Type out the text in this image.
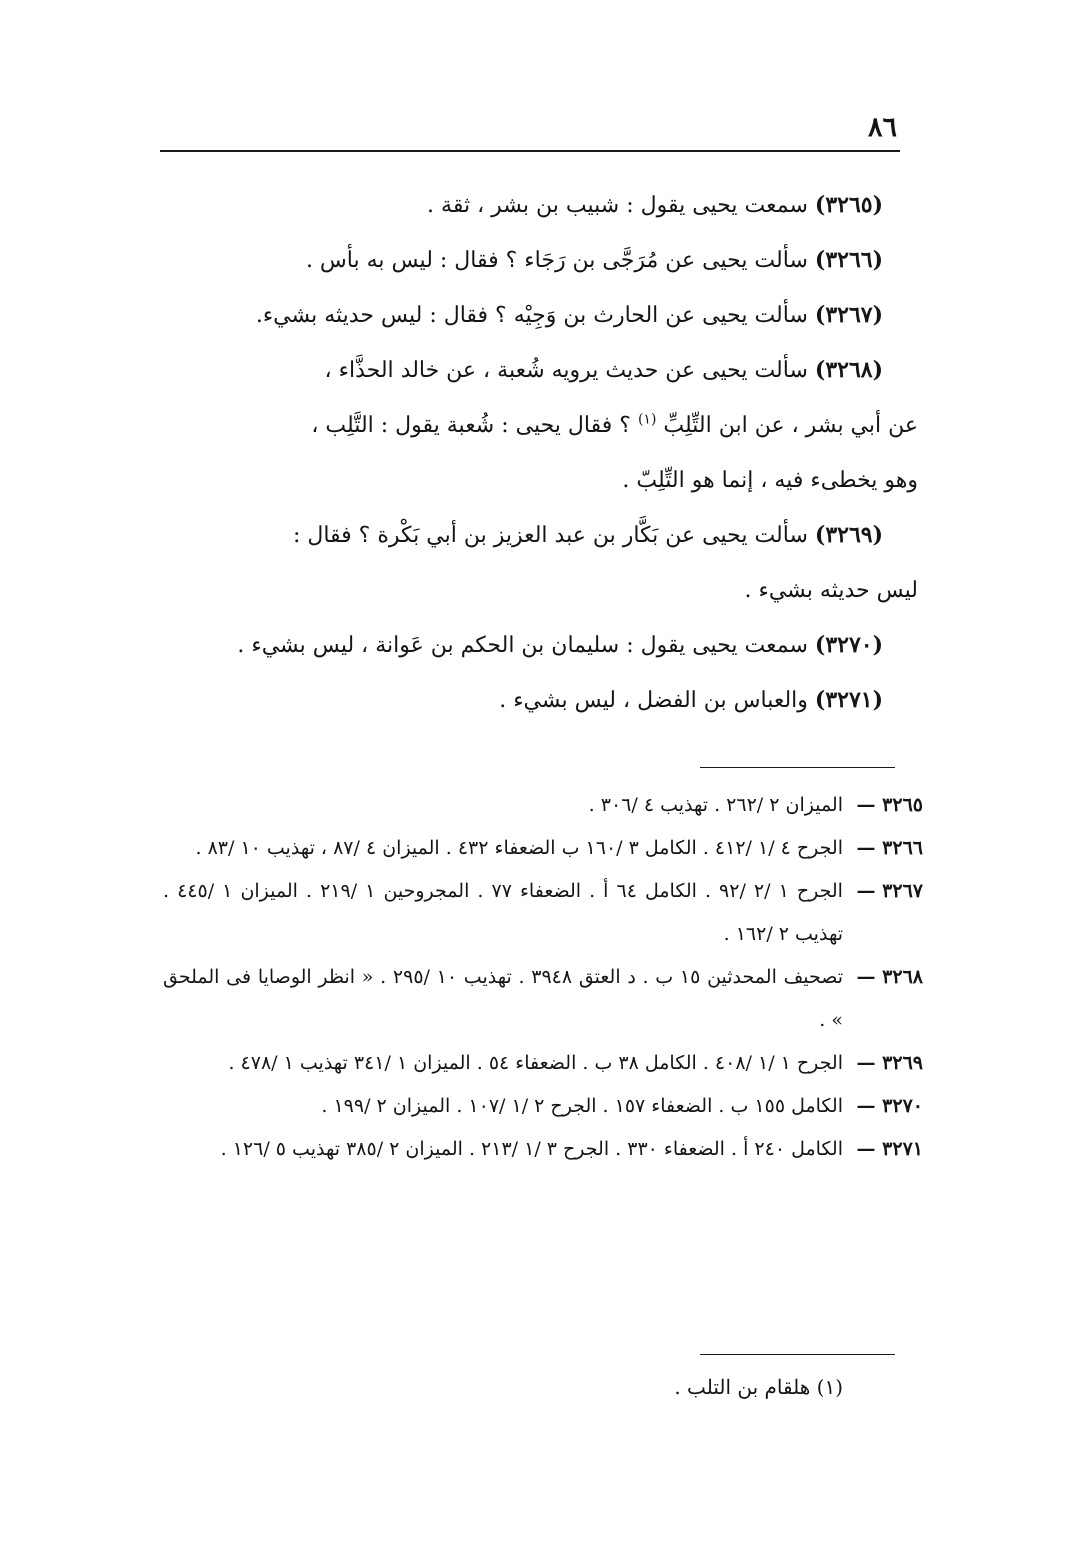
٨٦

(٣٢٦٥) سمعت يحيى يقول : شبيب بن بشر ، ثقة .

(٣٢٦٦) سألت يحيى عن مُرَجَّى بن رَجَاء ؟ فقال : ليس به بأس .

(٣٢٦٧) سألت يحيى عن الحارث بن وَجِيْه ؟ فقال : ليس حديثه بشيء.

(٣٢٦٨) سألت يحيى عن حديث يرويه شُعبة ، عن خالد الحذَّاء ،
عن أبي بشر ، عن ابن التِّلِبِّ $^{(١)}$ ؟ فقال يحيى : شُعبة يقول : التَّلِب ،
وهو يخطىء فيه ، إنما هو التِّلِبّ .

(٣٢٦٩) سألت يحيى عن بَكَّار بن عبد العزيز بن أبي بَكْرة ؟ فقال :
ليس حديثه بشيء .

(٣٢٧٠) سمعت يحيى يقول : سليمان بن الحكم بن عَوانة ، ليس بشيء .

(٣٢٧١) والعباس بن الفضل ، ليس بشيء .

٣٢٦٥ —
الميزان ٢ /٢٦٢ . تهذيب ٤ /٣٠٦ .

٣٢٦٦ —
الجرح ٤ /١ /٤١٢ . الكامل ٣ /١٦٠ ب الضعفاء ٤٣٢ . الميزان ٤ /٨٧ ، تهذيب ١٠ /٨٣ .

٣٢٦٧ —
الجرح ١ /٢ /٩٢ . الكامل ٦٤ أ . الضعفاء ٧٧ . المجروحين ١ /٢١٩ . الميزان ١ /٤٤٥ . تهذيب ٢ /١٦٢ .

٣٢٦٨ —
تصحيف المحدثين ١٥ ب . د العتق ٣٩٤٨ . تهذيب ١٠ /٢٩٥ . « انظر الوصايا فى الملحق » .

٣٢٦٩ —
الجرح ١ /١ /٤٠٨ . الكامل ٣٨ ب . الضعفاء ٥٤ . الميزان ١ /٣٤١ تهذيب ١ /٤٧٨ .

٣٢٧٠ —
الكامل ١٥٥ ب . الضعفاء ١٥٧ . الجرح ٢ /١ /١٠٧ . الميزان ٢ /١٩٩ .

٣٢٧١ —
الكامل ٢٤٠ أ . الضعفاء ٣٣٠ . الجرح ٣ /١ /٢١٣ . الميزان ٢ /٣٨٥ تهذيب ٥ /١٢٦ .

(١) هلقام بن التلب .
